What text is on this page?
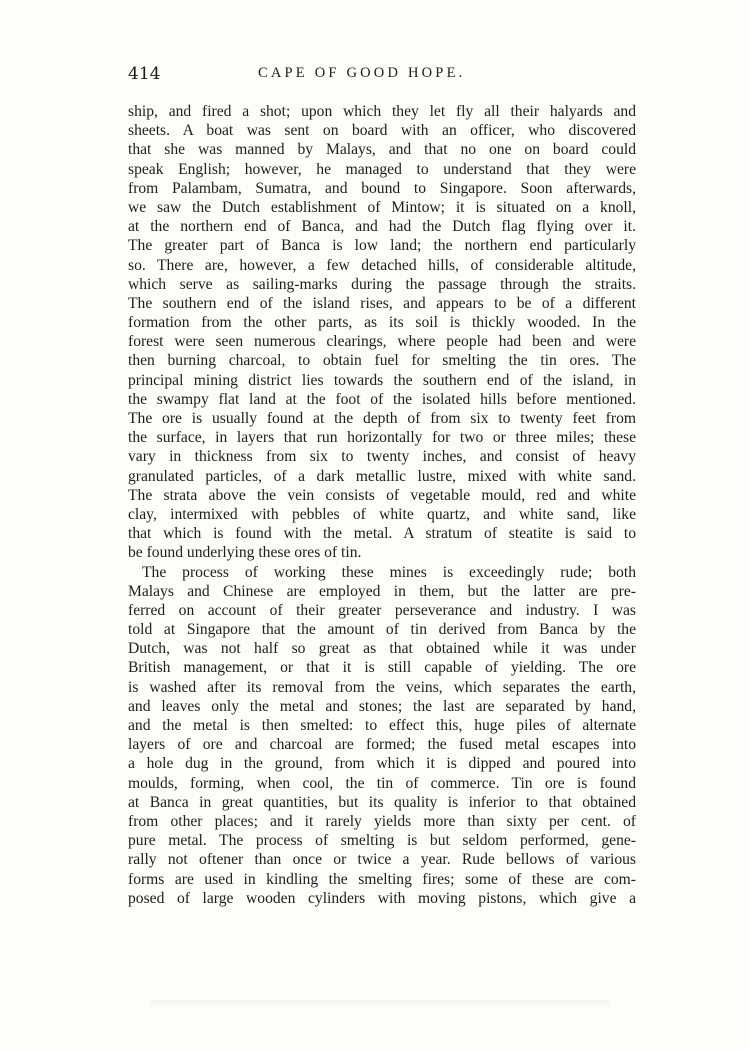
414	CAPE OF GOOD HOPE.

ship, and fired a shot; upon which they let fly all their halyards and
sheets. A boat was sent on board with an officer, who discovered
that she was manned by Malays, and that no one on board could
speak English; however, he managed to understand that they were
from Palambam, Sumatra, and bound to Singapore. Soon afterwards,
we saw the Dutch establishment of Mintow; it is situated on a knoll,
at the northern end of Banca, and had the Dutch flag flying over it.
The greater part of Banca is low land; the northern end particularly
so. There are, however, a few detached hills, of considerable altitude,
which serve as sailing-marks during the passage through the straits.
The southern end of the island rises, and appears to be of a different
formation from the other parts, as its soil is thickly wooded. In the
forest were seen numerous clearings, where people had been and were
then burning charcoal, to obtain fuel for smelting the tin ores. The
principal mining district lies towards the southern end of the island, in
the swampy flat land at the foot of the isolated hills before mentioned.
The ore is usually found at the depth of from six to twenty feet from
the surface, in layers that run horizontally for two or three miles; these
vary in thickness from six to twenty inches, and consist of heavy
granulated particles, of a dark metallic lustre, mixed with white sand.
The strata above the vein consists of vegetable mould, red and white
clay, intermixed with pebbles of white quartz, and white sand, like
that which is found with the metal. A stratum of steatite is said to
be found underlying these ores of tin.

The process of working these mines is exceedingly rude; both
Malays and Chinese are employed in them, but the latter are pre-
ferred on account of their greater perseverance and industry. I was
told at Singapore that the amount of tin derived from Banca by the
Dutch, was not half so great as that obtained while it was under
British management, or that it is still capable of yielding. The ore
is washed after its removal from the veins, which separates the earth,
and leaves only the metal and stones; the last are separated by hand,
and the metal is then smelted: to effect this, huge piles of alternate
layers of ore and charcoal are formed; the fused metal escapes into
a hole dug in the ground, from which it is dipped and poured into
moulds, forming, when cool, the tin of commerce. Tin ore is found
at Banca in great quantities, but its quality is inferior to that obtained
from other places; and it rarely yields more than sixty per cent. of
pure metal. The process of smelting is but seldom performed, gene-
rally not oftener than once or twice a year. Rude bellows of various
forms are used in kindling the smelting fires; some of these are com-
posed of large wooden cylinders with moving pistons, which give a
